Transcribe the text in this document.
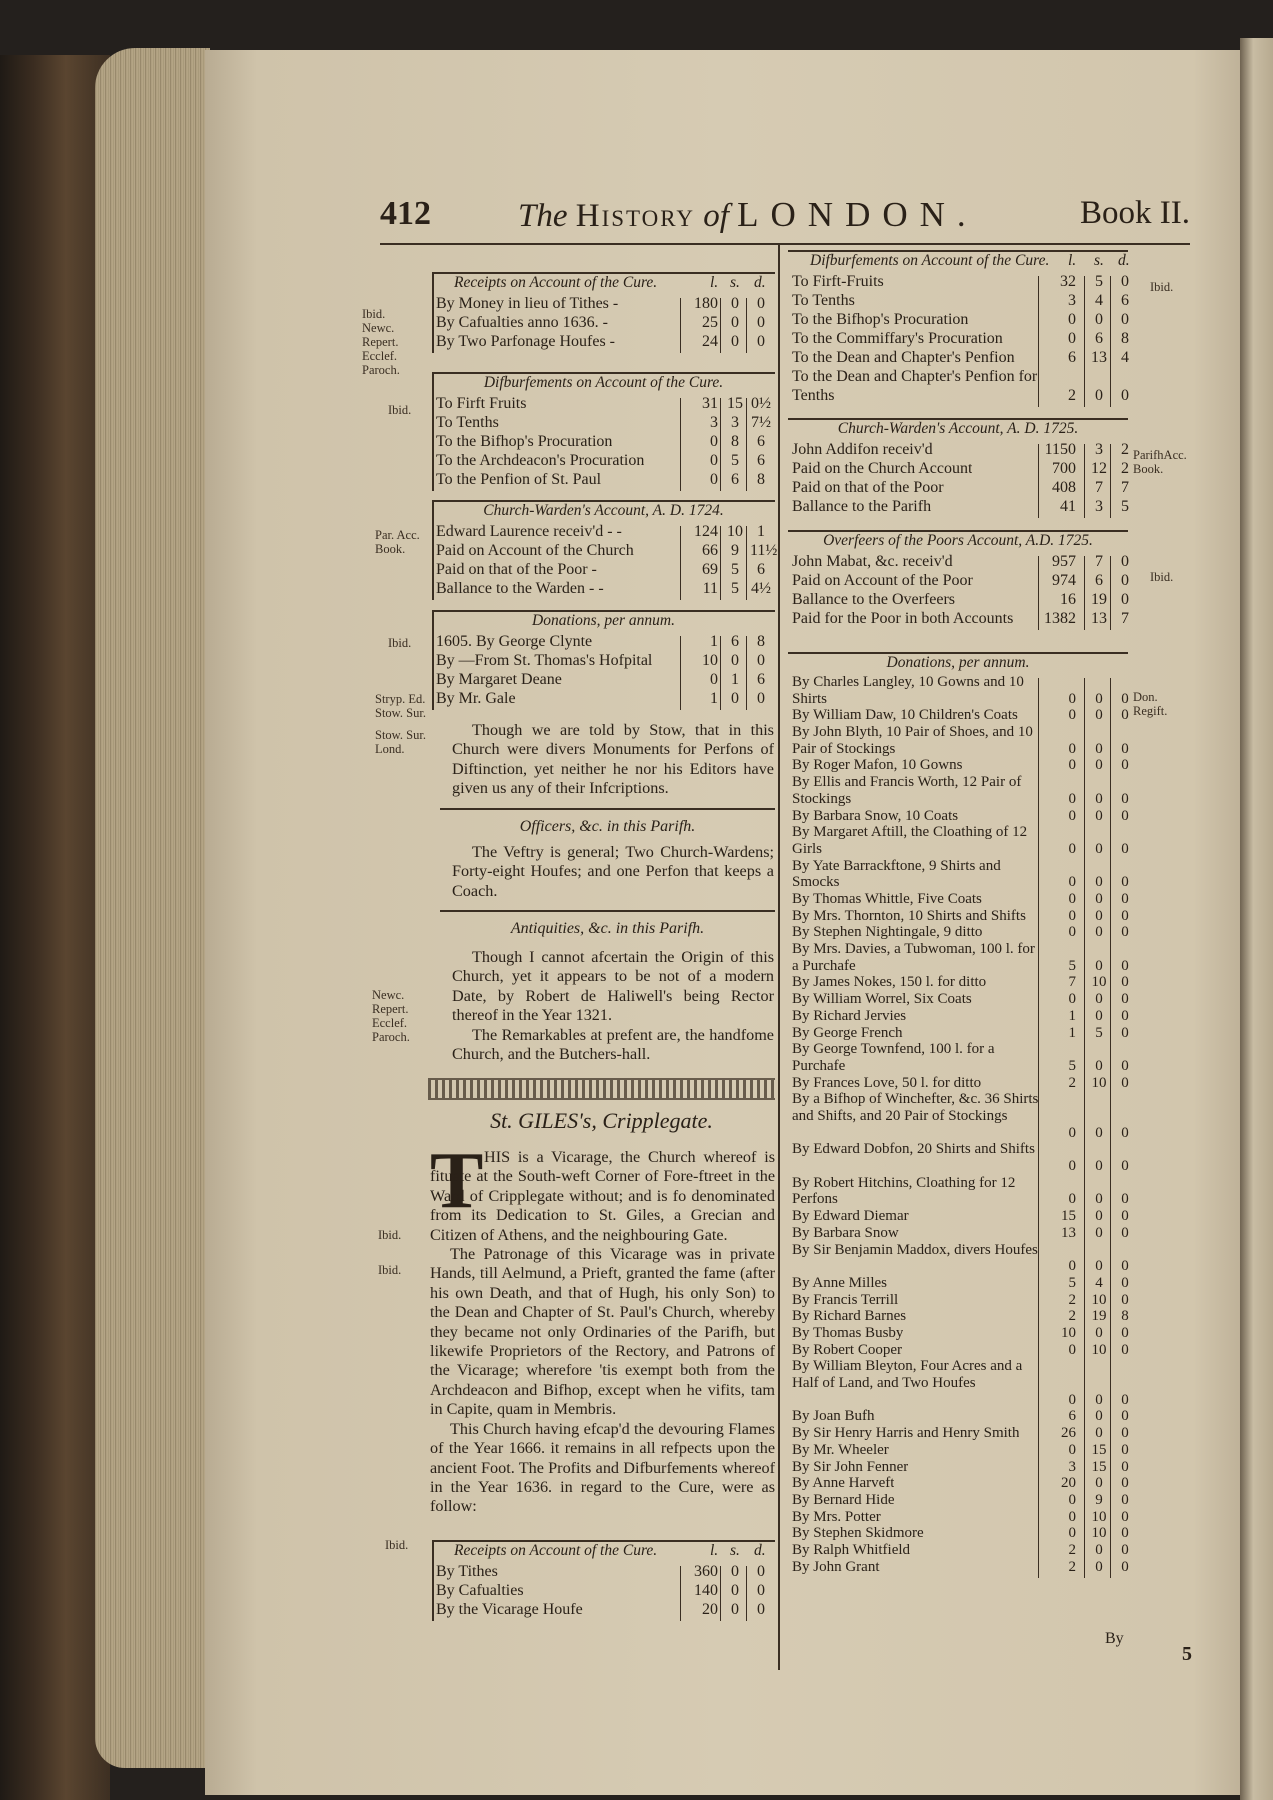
412	The History of LONDON.	Book II.
Ibid. Newc. Repert. Ecclef. Paroch.
Ibid.
Par. Acc. Book.
Ibid.
Stryp. Ed. Stow. Sur.
Stow. Sur. Lond.
Newc. Repert. Ecclef. Paroch.
Ibid.
Ibid.
Ibid.
Ibid.
ParifhAcc. Book.
Ibid.
Don. Regift.
Receipts on Account of the Cure.	l. s. d.
By Money in lieu of Tithes -	180 0	0
By Cafualties anno 1636. -	25 0	0
By Two Parfonage Houfes -	24 0	0
Difburfements on Account of the Cure.
To Firft Fruits	31 15 0½
To Tenths	3 3 7½
To the Bifhop's Procuration	0 8	6
To the Archdeacon's Procuration	0 5	6
To the Penfion of St. Paul	0 6	8
Church-Warden's Account, A. D. 1724.
Edward Laurence receiv'd - -	124 10 1
Paid on Account of the Church	66 9 11½
Paid on that of the Poor -	69 5	6
Ballance to the Warden - -	11 5 4½
Donations, per annum.
1605. By George Clynte	1 6	8
By —From St. Thomas's Hofpital	10 0	0
By Margaret Deane	0 1	6
By Mr. Gale	1 0	0
Receipts on Account of the Cure.	l. s. d.
By Tithes	360 0	0
By Cafualties	140 0	0
By the Vicarage Houfe	20 0	0
Though we are told by Stow, that in this Church were divers Monuments for Perfons of Diftinction, yet neither he nor his Editors have given us any of their Infcriptions.
Officers, &c. in this Parifh.
The Veftry is general; Two Church-Wardens; Forty-eight Houfes; and one Perfon that keeps a Coach.
Antiquities, &c. in this Parifh.
Though I cannot afcertain the Origin of this Church, yet it appears to be not of a modern Date, by Robert de Haliwell's being Rector thereof in the Year 1321.
The Remarkables at prefent are, the handfome Church, and the Butchers-hall.
St. GILES's, Cripplegate.
T HIS is a Vicarage, the Church whereof is fituate at the South-weft Corner of Fore-ftreet in the Ward of Cripplegate without; and is fo denominated from its Dedication to St. Giles, a Grecian and Citizen of Athens, and the neighbouring Gate.
The Patronage of this Vicarage was in private Hands, till Aelmund, a Prieft, granted the fame (after his own Death, and that of Hugh, his only Son) to the Dean and Chapter of St. Paul's Church, whereby they became not only Ordinaries of the Parifh, but likewife Proprietors of the Rectory, and Patrons of the Vicarage; wherefore 'tis exempt both from the Archdeacon and Bifhop, except when he vifits, tam in Capite, quam in Membris.
This Church having efcap'd the devouring Flames of the Year 1666. it remains in all refpects upon the ancient Foot. The Profits and Difburfements whereof in the Year 1636. in regard to the Cure, were as follow:
Difburfements on Account of the Cure. l. s. d.
To Firft-Fruits	32	5	0
To Tenths	3	4	6
To the Bifhop's Procuration	0	0	0
To the Commiffary's Procuration	0	6	8
To the Dean and Chapter's Penfion	6 13 4
To the Dean and Chapter's Penfion for Tenths	2	0	0
Church-Warden's Account, A. D. 1725.
John Addifon receiv'd	1150	3	2
Paid on the Church Account	700 12 2
Paid on that of the Poor	408	7	7
Ballance to the Parifh	41	3	5
Overfeers of the Poors Account, A.D. 1725.
John Mabat, &c. receiv'd	957	7	0
Paid on Account of the Poor	974	6	0
Ballance to the Overfeers	16 19 0
Paid for the Poor in both Accounts 1382 13 7
Donations, per annum.
By Charles Langley, 10 Gowns and 10 Shirts	0	0	0
By William Daw, 10 Children's Coats	0	0	0
By John Blyth, 10 Pair of Shoes, and 10 Pair of Stockings	0	0	0
By Roger Mafon, 10 Gowns	0	0	0
By Ellis and Francis Worth, 12 Pair of Stockings	0	0	0
By Barbara Snow, 10 Coats	0	0	0
By Margaret Aftill, the Cloathing of 12 Girls	0	0	0
By Yate Barrackftone, 9 Shirts and Smocks	0	0	0
By Thomas Whittle, Five Coats	0	0	0
By Mrs. Thornton, 10 Shirts and Shifts	0	0	0
By Stephen Nightingale, 9 ditto	0	0	0
By Mrs. Davies, a Tubwoman, 100 l. for a Purchafe	5	0	0
By James Nokes, 150 l. for ditto	7 10 0
By William Worrel, Six Coats	0	0	0
By Richard Jervies	1	0	0
By George French	1	5	0
By George Townfend, 100 l. for a Purchafe	5	0	0
By Frances Love, 50 l. for ditto	2 10 0
By a Bifhop of Winchefter, &c. 36 Shirts and Shifts, and 20 Pair of Stockings
0	0	0
By Edward Dobfon, 20 Shirts and Shifts
0	0	0
By Robert Hitchins, Cloathing for 12 Perfons	0	0	0
By Edward Diemar	15	0	0
By Barbara Snow	13	0	0
By Sir Benjamin Maddox, divers Houfes
0	0	0
By Anne Milles	5	4	0
By Francis Terrill	2 10 0
By Richard Barnes	2 19 8
By Thomas Busby	10	0	0
By Robert Cooper	0 10 0
By William Bleyton, Four Acres and a Half of Land, and Two Houfes
0	0	0
By Joan Bufh	6	0	0
By Sir Henry Harris and Henry Smith	26	0	0
By Mr. Wheeler	0 15 0
By Sir John Fenner	3 15 0
By Anne Harveft	20	0	0
By Bernard Hide	0	9	0
By Mrs. Potter	0 10 0
By Stephen Skidmore	0 10 0
By Ralph Whitfield	2	0	0
By John Grant	2	0	0
By
5
